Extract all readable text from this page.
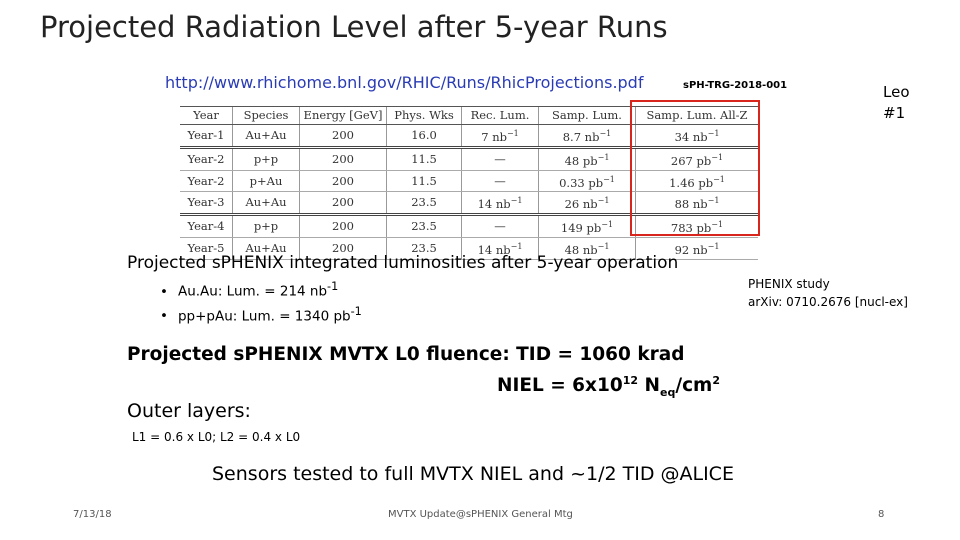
Projected Radiation Level after 5-year Runs
http://www.rhichome.bnl.gov/RHIC/Runs/RhicProjections.pdf	sPH-TRG-2018-001	Leo
#1
Year	Species	Energy [GeV]	Phys. Wks	Rec. Lum.	Samp. Lum.	Samp. Lum. All-Z
Year-1	Au+Au	200	16.0	7 $nb^{-1}$	8.7 $nb^{-1}$	34 $nb^{-1}$
Year-2	p+p	200	11.5	—	48 $pb^{-1}$	267 $pb^{-1}$
Year-2	p+Au	200	11.5	—	0.33 $pb^{-1}$	1.46 $pb^{-1}$
Year-3	Au+Au	200	23.5	14 $nb^{-1}$	26 $nb^{-1}$	88 $nb^{-1}$
Year-4	p+p	200	23.5	—	149 $pb^{-1}$	783 $pb^{-1}$
Year-5	Au+Au	200	23.5	14 $nb^{-1}$	48 $nb^{-1}$	92 $nb^{-1}$
Projected sPHENIX integrated luminosities after 5-year operation
• Au.Au: Lum. = 214 $nb^{-1}$
• pp+pAu: Lum. = 1340 $pb^{-1}$
PHENIX study
arXiv: 0710.2676 [nucl-ex]
Projected sPHENIX MVTX L0 fluence: TID = 1060 krad
NIEL = $6x10^{12}$ $N_{eq}/cm^2$
Outer layers:
L1 = 0.6 x L0; L2 = 0.4 x L0
Sensors tested to full MVTX NIEL and ~1/2 TID @ALICE
7/13/18	MVTX Update@sPHENIX General Mtg	8
